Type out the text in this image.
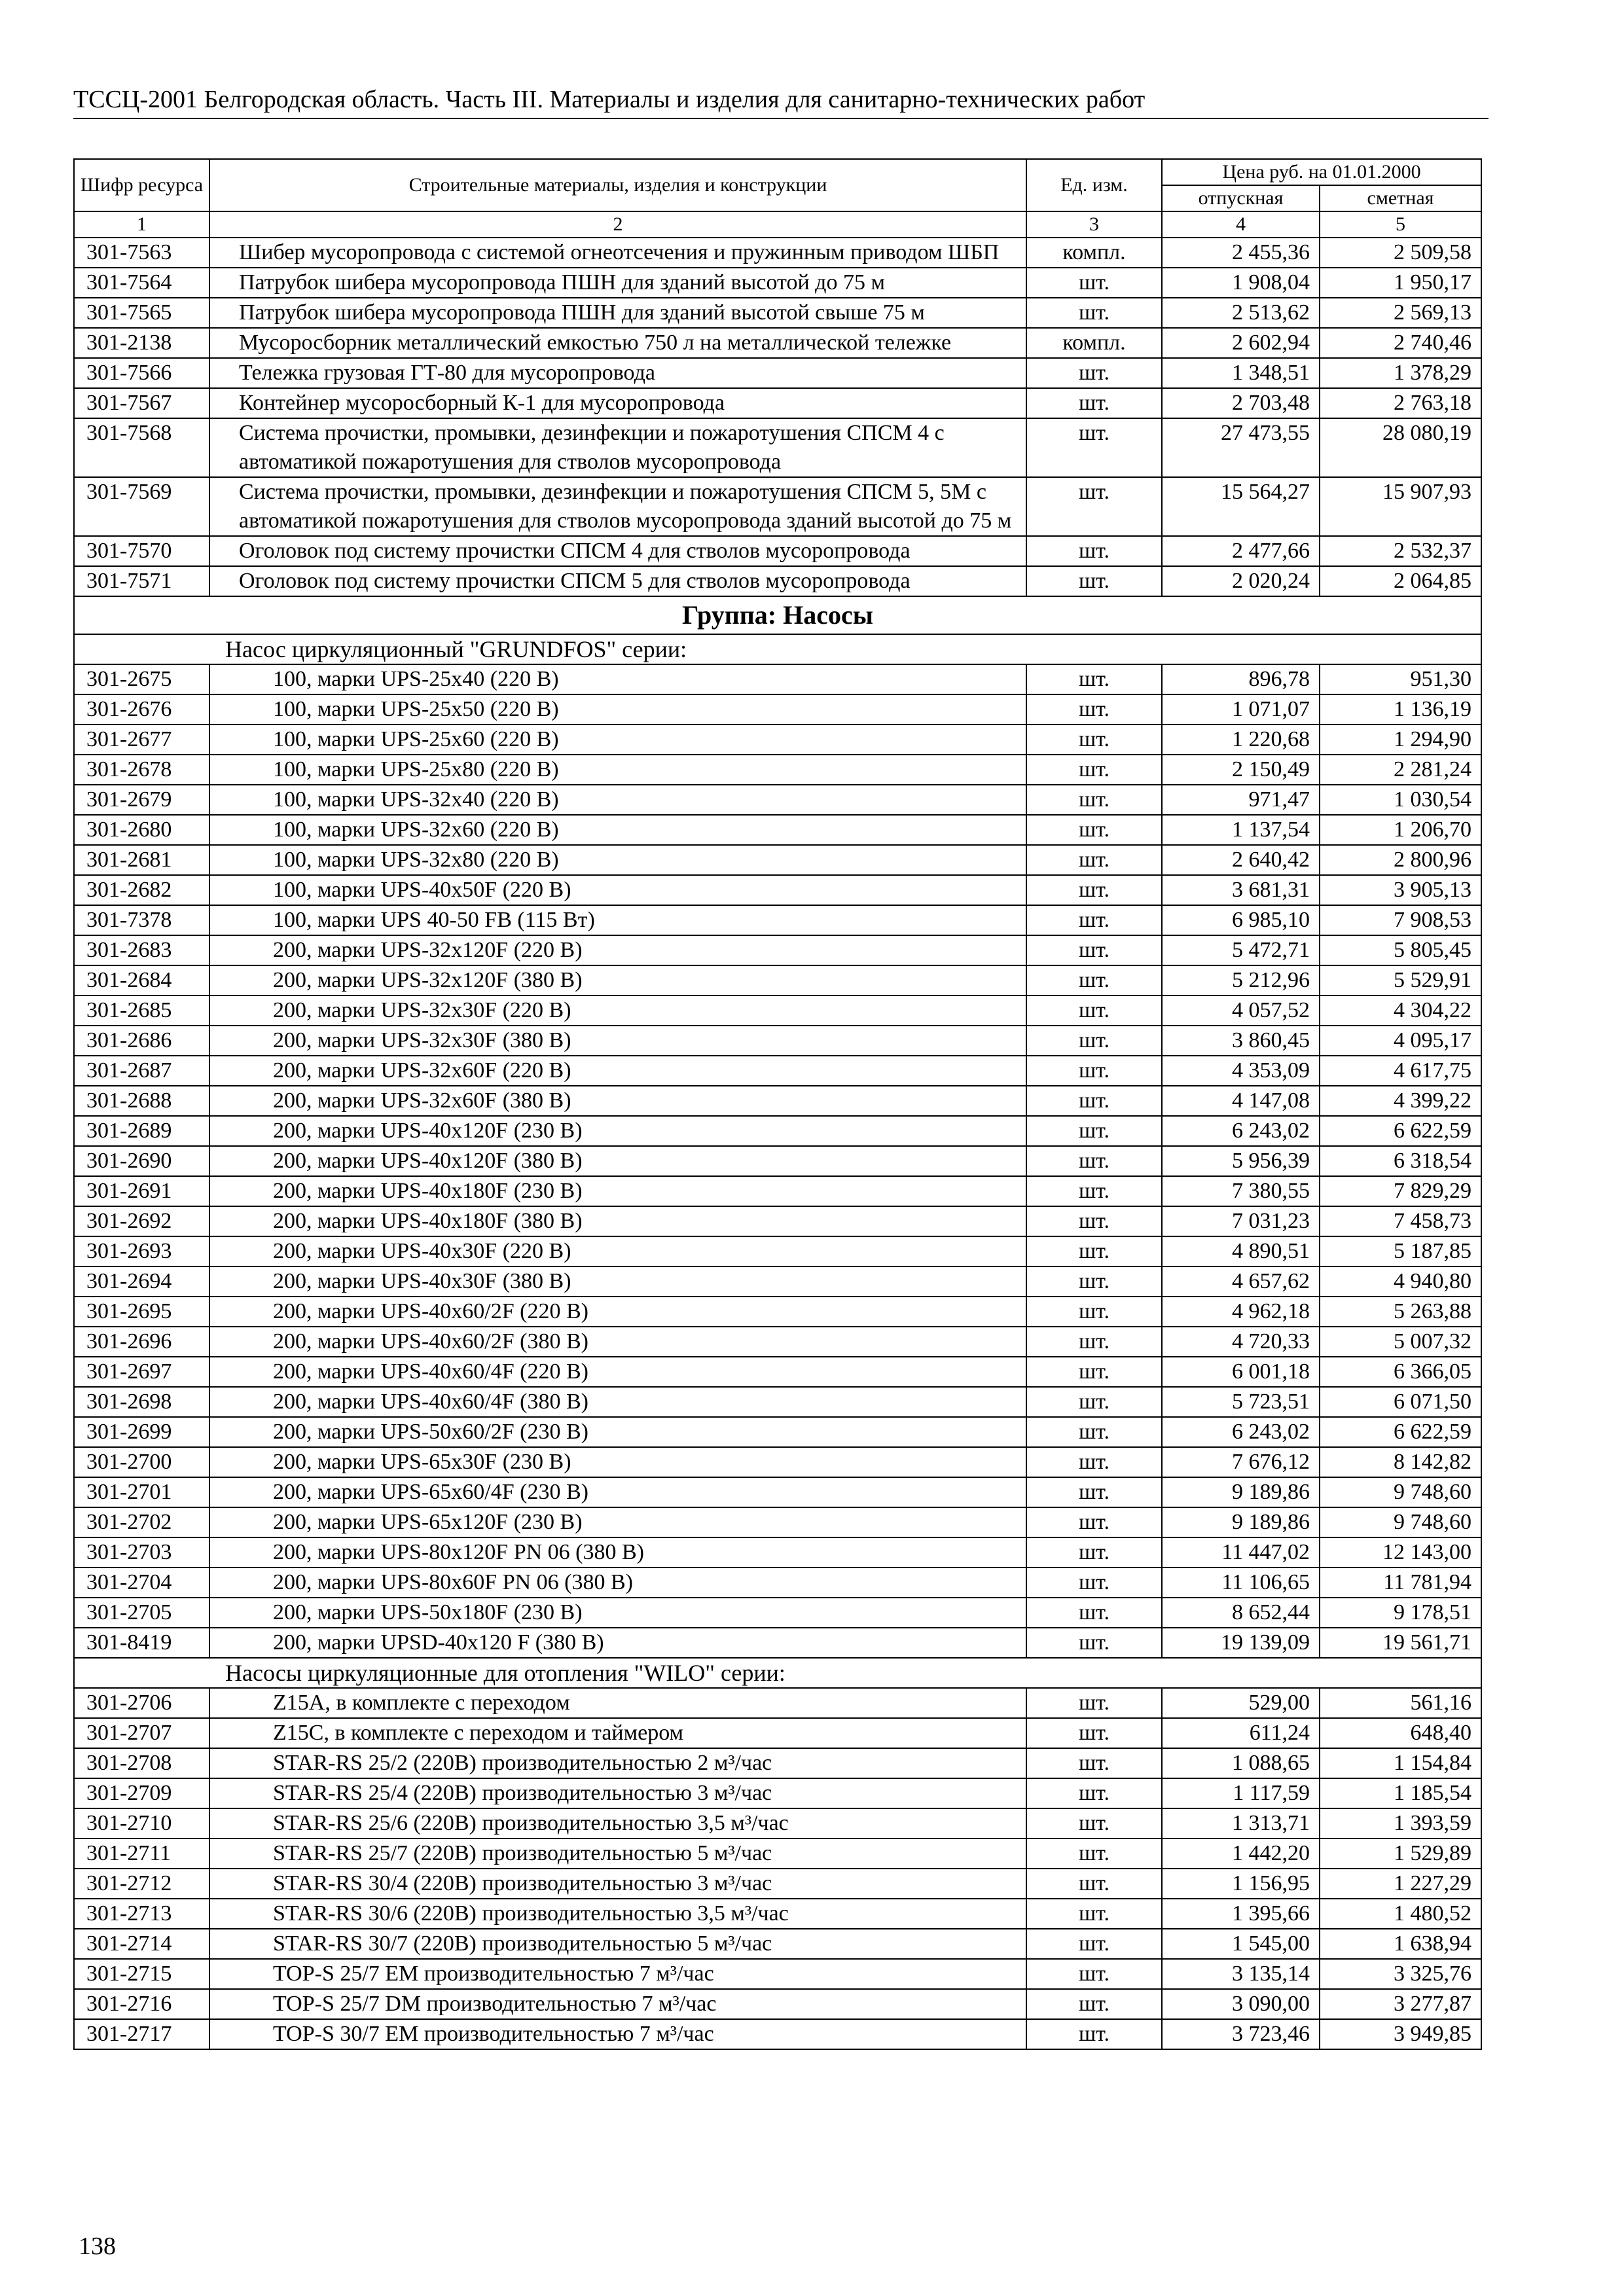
ТССЦ-2001 Белгородская область. Часть III. Материалы и изделия для санитарно-технических работ
Шифр ресурса	Строительные материалы, изделия и конструкции	Ед. изм.	Цена руб. на 01.01.2000	
			отпускная	сметная
1	2	3	4	5
301-7563	Шибер мусоропровода с системой огнеотсечения и пружинным приводом ШБП	компл.	2 455,36	2 509,58
301-7564	Патрубок шибера мусоропровода ПШН для зданий высотой до 75 м	шт.	1 908,04	1 950,17
301-7565	Патрубок шибера мусоропровода ПШН для зданий высотой свыше 75 м	шт.	2 513,62	2 569,13
301-2138	Мусоросборник металлический емкостью 750 л на металлической тележке	компл.	2 602,94	2 740,46
301-7566	Тележка грузовая ГТ-80 для мусоропровода	шт.	1 348,51	1 378,29
301-7567	Контейнер мусоросборный К-1 для мусоропровода	шт.	2 703,48	2 763,18
301-7568	Система прочистки, промывки, дезинфекции и пожаротушения СПСМ 4 с автоматикой пожаротушения для стволов мусоропровода	шт.	27 473,55	28 080,19
301-7569	Система прочистки, промывки, дезинфекции и пожаротушения СПСМ 5, 5М с автоматикой пожаротушения для стволов мусоропровода зданий высотой до 75 м	шт.	15 564,27	15 907,93
301-7570	Оголовок под систему прочистки СПСМ 4 для стволов мусоропровода	шт.	2 477,66	2 532,37
301-7571	Оголовок под систему прочистки СПСМ 5 для стволов мусоропровода	шт.	2 020,24	2 064,85
Группа: Насосы				
Насос циркуляционный "GRUNDFOS" серии:				
301-2675	100, марки UPS-25x40 (220 В)	шт.	896,78	951,30
301-2676	100, марки UPS-25x50 (220 В)	шт.	1 071,07	1 136,19
301-2677	100, марки UPS-25x60 (220 В)	шт.	1 220,68	1 294,90
301-2678	100, марки UPS-25x80 (220 В)	шт.	2 150,49	2 281,24
301-2679	100, марки UPS-32x40 (220 В)	шт.	971,47	1 030,54
301-2680	100, марки UPS-32x60 (220 В)	шт.	1 137,54	1 206,70
301-2681	100, марки UPS-32x80 (220 В)	шт.	2 640,42	2 800,96
301-2682	100, марки UPS-40x50F (220 В)	шт.	3 681,31	3 905,13
301-7378	100, марки UPS 40-50 FB (115 Вт)	шт.	6 985,10	7 908,53
301-2683	200, марки UPS-32x120F (220 В)	шт.	5 472,71	5 805,45
301-2684	200, марки UPS-32x120F (380 В)	шт.	5 212,96	5 529,91
301-2685	200, марки UPS-32x30F (220 В)	шт.	4 057,52	4 304,22
301-2686	200, марки UPS-32x30F (380 В)	шт.	3 860,45	4 095,17
301-2687	200, марки UPS-32x60F (220 В)	шт.	4 353,09	4 617,75
301-2688	200, марки UPS-32x60F (380 В)	шт.	4 147,08	4 399,22
301-2689	200, марки UPS-40x120F (230 В)	шт.	6 243,02	6 622,59
301-2690	200, марки UPS-40x120F (380 В)	шт.	5 956,39	6 318,54
301-2691	200, марки UPS-40x180F (230 В)	шт.	7 380,55	7 829,29
301-2692	200, марки UPS-40x180F (380 В)	шт.	7 031,23	7 458,73
301-2693	200, марки UPS-40x30F (220 В)	шт.	4 890,51	5 187,85
301-2694	200, марки UPS-40x30F (380 В)	шт.	4 657,62	4 940,80
301-2695	200, марки UPS-40x60/2F (220 В)	шт.	4 962,18	5 263,88
301-2696	200, марки UPS-40x60/2F (380 В)	шт.	4 720,33	5 007,32
301-2697	200, марки UPS-40x60/4F (220 В)	шт.	6 001,18	6 366,05
301-2698	200, марки UPS-40x60/4F (380 В)	шт.	5 723,51	6 071,50
301-2699	200, марки UPS-50x60/2F (230 В)	шт.	6 243,02	6 622,59
301-2700	200, марки UPS-65x30F (230 В)	шт.	7 676,12	8 142,82
301-2701	200, марки UPS-65x60/4F (230 В)	шт.	9 189,86	9 748,60
301-2702	200, марки UPS-65x120F (230 В)	шт.	9 189,86	9 748,60
301-2703	200, марки UPS-80x120F PN 06 (380 В)	шт.	11 447,02	12 143,00
301-2704	200, марки UPS-80x60F PN 06 (380 В)	шт.	11 106,65	11 781,94
301-2705	200, марки UPS-50x180F (230 В)	шт.	8 652,44	9 178,51
301-8419	200, марки UPSD-40x120 F (380 В)	шт.	19 139,09	19 561,71
Насосы циркуляционные для отопления "WILO" серии:				
301-2706	Z15A, в комплекте с переходом	шт.	529,00	561,16
301-2707	Z15C, в комплекте с переходом и таймером	шт.	611,24	648,40
301-2708	STAR-RS 25/2 (220В) производительностью 2 м³/час	шт.	1 088,65	1 154,84
301-2709	STAR-RS 25/4 (220В) производительностью 3 м³/час	шт.	1 117,59	1 185,54
301-2710	STAR-RS 25/6 (220В) производительностью 3,5 м³/час	шт.	1 313,71	1 393,59
301-2711	STAR-RS 25/7 (220В) производительностью 5 м³/час	шт.	1 442,20	1 529,89
301-2712	STAR-RS 30/4 (220В) производительностью 3 м³/час	шт.	1 156,95	1 227,29
301-2713	STAR-RS 30/6 (220В) производительностью 3,5 м³/час	шт.	1 395,66	1 480,52
301-2714	STAR-RS 30/7 (220В) производительностью 5 м³/час	шт.	1 545,00	1 638,94
301-2715	TOP-S 25/7 EM производительностью 7 м³/час	шт.	3 135,14	3 325,76
301-2716	TOP-S 25/7 DM производительностью 7 м³/час	шт.	3 090,00	3 277,87
301-2717	TOP-S 30/7 EM производительностью 7 м³/час	шт.	3 723,46	3 949,85
138
